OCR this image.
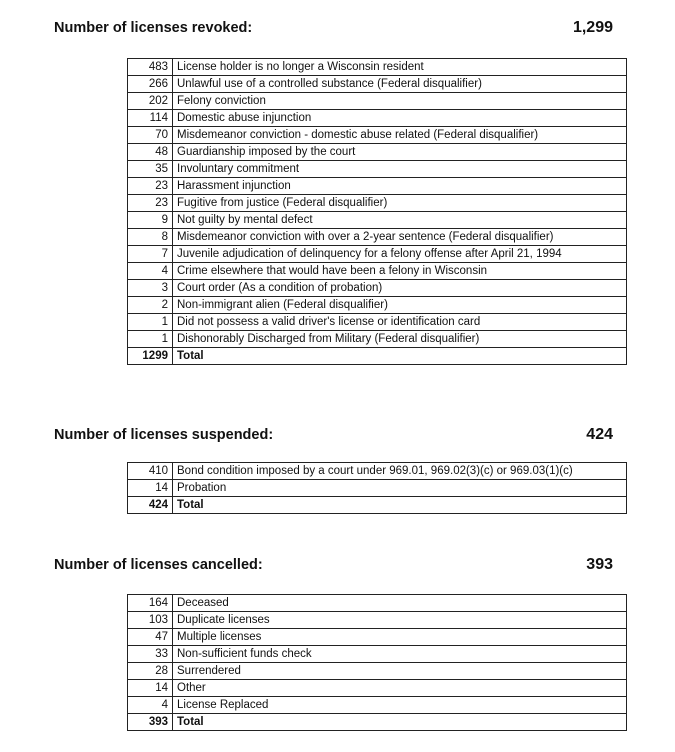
Number of licenses revoked:	1,299
483	License holder is no longer a Wisconsin resident
266	Unlawful use of a controlled substance (Federal disqualifier)
202	Felony conviction
114	Domestic abuse injunction
70	Misdemeanor conviction - domestic abuse related (Federal disqualifier)
48	Guardianship imposed by the court
35	Involuntary commitment
23	Harassment injunction
23	Fugitive from justice (Federal disqualifier)
9	Not guilty by mental defect
8	Misdemeanor conviction with over a 2-year sentence (Federal disqualifier)
7	Juvenile adjudication of delinquency for a felony offense after April 21, 1994
4	Crime elsewhere that would have been a felony in Wisconsin
3	Court order (As a condition of probation)
2	Non-immigrant alien (Federal disqualifier)
1	Did not possess a valid driver's license or identification card
1	Dishonorably Discharged from Military (Federal disqualifier)
1299	Total
Number of licenses suspended:	424
410	Bond condition imposed by a court under 969.01, 969.02(3)(c) or 969.03(1)(c)
14	Probation
424	Total
Number of licenses cancelled:	393
164	Deceased
103	Duplicate licenses
47	Multiple licenses
33	Non-sufficient funds check
28	Surrendered
14	Other
4	License Replaced
393	Total
